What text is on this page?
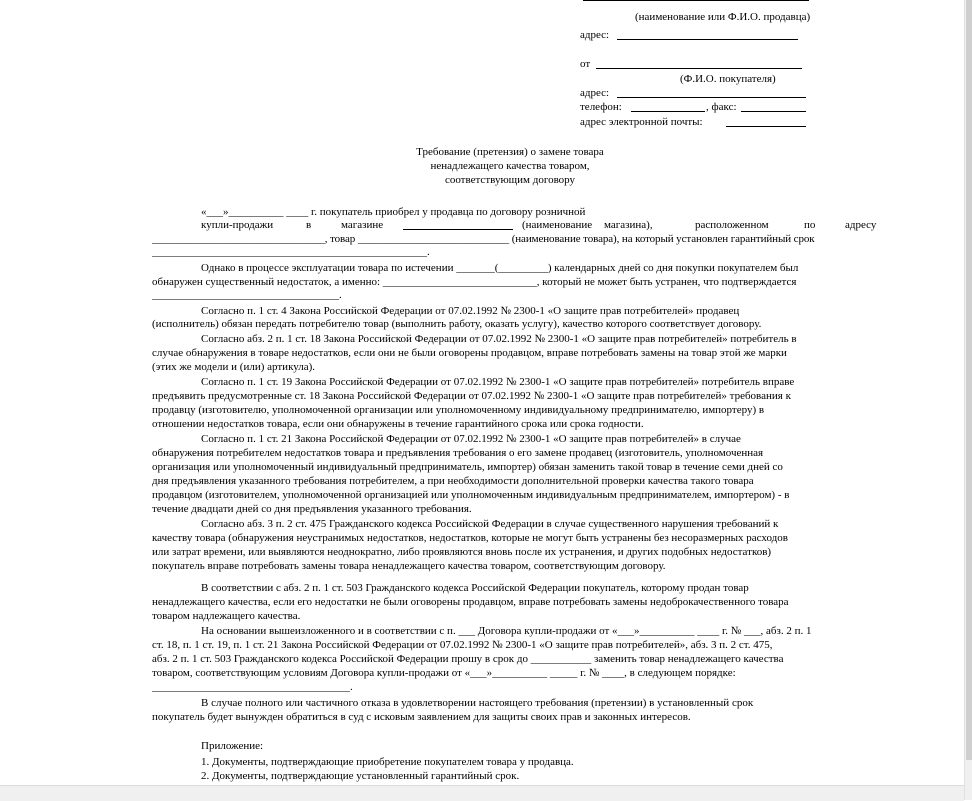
(наименование или Ф.И.О. продавца)
адрес:
от
(Ф.И.О. покупателя)
адрес:
телефон:	, факс:
адрес электронной почты:
Требование (претензия) о замене товара
ненадлежащего качества товаром,
соответствующим договору
«___»__________ ____ г. покупатель приобрел у продавца по договору розничной
купли-продажи	в	магазине	(наименование магазина),	расположенном	по	адресу
________________________________, товар ____________________________ (наименование товара), на который установлен гарантийный срок
__________________________________________________.
Однако в процессе эксплуатации товара по истечении _______(_________) календарных дней со дня покупки покупателем был
обнаружен существенный недостаток, а именно: ____________________________, который не может быть устранен, что подтверждается
__________________________________.
Согласно п. 1 ст. 4 Закона Российской Федерации от 07.02.1992 № 2300-1 «О защите прав потребителей» продавец
(исполнитель) обязан передать потребителю товар (выполнить работу, оказать услугу), качество которого соответствует договору.
Согласно абз. 2 п. 1 ст. 18 Закона Российской Федерации от 07.02.1992 № 2300-1 «О защите прав потребителей» потребитель в
случае обнаружения в товаре недостатков, если они не были оговорены продавцом, вправе потребовать замены на товар этой же марки
(этих же модели и (или) артикула).
Согласно п. 1 ст. 19 Закона Российской Федерации от 07.02.1992 № 2300-1 «О защите прав потребителей» потребитель вправе
предъявить предусмотренные ст. 18 Закона Российской Федерации от 07.02.1992 № 2300-1 «О защите прав потребителей» требования к
продавцу (изготовителю, уполномоченной организации или уполномоченному индивидуальному предпринимателю, импортеру) в
отношении недостатков товара, если они обнаружены в течение гарантийного срока или срока годности.
Согласно п. 1 ст. 21 Закона Российской Федерации от 07.02.1992 № 2300-1 «О защите прав потребителей» в случае
обнаружения потребителем недостатков товара и предъявления требования о его замене продавец (изготовитель, уполномоченная
организация или уполномоченный индивидуальный предприниматель, импортер) обязан заменить такой товар в течение семи дней со
дня предъявления указанного требования потребителем, а при необходимости дополнительной проверки качества такого товара
продавцом (изготовителем, уполномоченной организацией или уполномоченным индивидуальным предпринимателем, импортером) - в
течение двадцати дней со дня предъявления указанного требования.
Согласно абз. 3 п. 2 ст. 475 Гражданского кодекса Российской Федерации в случае существенного нарушения требований к
качеству товара (обнаружения неустранимых недостатков, недостатков, которые не могут быть устранены без несоразмерных расходов
или затрат времени, или выявляются неоднократно, либо проявляются вновь после их устранения, и других подобных недостатков)
покупатель вправе потребовать замены товара ненадлежащего качества товаром, соответствующим договору.
В соответствии с абз. 2 п. 1 ст. 503 Гражданского кодекса Российской Федерации покупатель, которому продан товар
ненадлежащего качества, если его недостатки не были оговорены продавцом, вправе потребовать замены недоброкачественного товара
товаром надлежащего качества.
На основании вышеизложенного и в соответствии с п. ___ Договора купли-продажи от «___»__________ ____ г. № ___, абз. 2 п. 1
ст. 18, п. 1 ст. 19, п. 1 ст. 21 Закона Российской Федерации от 07.02.1992 № 2300-1 «О защите прав потребителей», абз. 3 п. 2 ст. 475,
абз. 2 п. 1 ст. 503 Гражданского кодекса Российской Федерации прошу в срок до ___________ заменить товар ненадлежащего качества
товаром, соответствующим условиям Договора купли-продажи от «___»__________ _____ г. № ____, в следующем порядке:
____________________________________.
В случае полного или частичного отказа в удовлетворении настоящего требования (претензии) в установленный срок
покупатель будет вынужден обратиться в суд с исковым заявлением для защиты своих прав и законных интересов.
Приложение:
1. Документы, подтверждающие приобретение покупателем товара у продавца.
2. Документы, подтверждающие установленный гарантийный срок.
